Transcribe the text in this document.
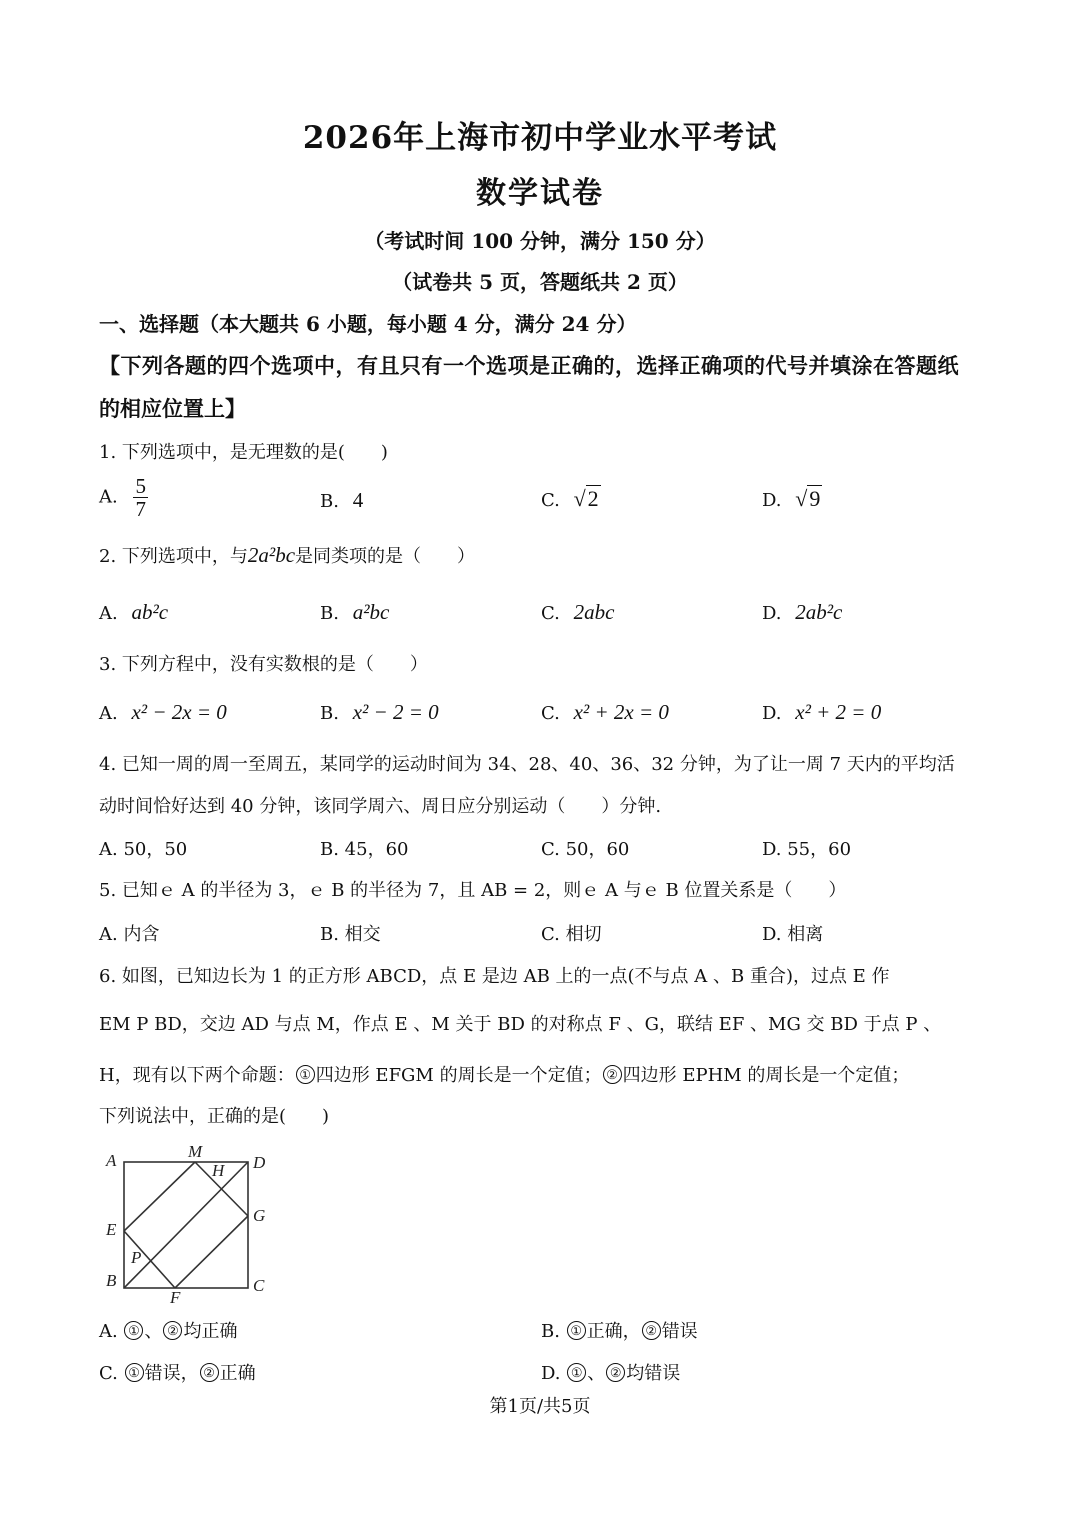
2026年上海市初中学业水平考试
数学试卷
（考试时间 100 分钟，满分 150 分）
（试卷共 5 页，答题纸共 2 页）
一、选择题（本大题共 6 小题，每小题 4 分，满分 24 分）
【下列各题的四个选项中，有且只有一个选项是正确的，选择正确项的代号并填涂在答题纸
的相应位置上】
1. 下列选项中，是无理数的是(　　)
A. $\frac{5}{7}$	B. 4	C. √2	D. √9
2. 下列选项中，与2a²bc是同类项的是（　　）
A. ab²c	B. a²bc	C. 2abc	D. 2ab²c
3. 下列方程中，没有实数根的是（　　）
A. x² − 2x = 0	B. x² − 2 = 0	C. x² + 2x = 0	D. x² + 2 = 0
4. 已知一周的周一至周五，某同学的运动时间为 34、28、40、36、32 分钟，为了让一周 7 天内的平均活
动时间恰好达到 40 分钟，该同学周六、周日应分别运动（　　）分钟.
A. 50，50	B. 45，60	C. 50，60	D. 55，60
5. 已知ｅ A 的半径为 3，ｅ B 的半径为 7，且 AB = 2，则ｅ A 与ｅ B 位置关系是（　　）
A. 内含	B. 相交	C. 相切	D. 相离
6. 如图，已知边长为 1 的正方形 ABCD，点 E 是边 AB 上的一点(不与点 A 、B 重合)，过点 E 作
EM P BD，交边 AD 与点 M，作点 E 、M 关于 BD 的对称点 F 、G，联结 EF 、MG 交 BD 于点 P 、
H，现有以下两个命题： ① 四边形 EFGM 的周长是一个定值； ② 四边形 EPHM 的周长是一个定值；
下列说法中，正确的是(　　)
A	M
H D
E
G
P
B
F
C
A. ① 、 ② 均正确	B. ① 正确， ② 错误
C. ① 错误， ② 正确	D. ① 、 ② 均错误
第1页/共5页
